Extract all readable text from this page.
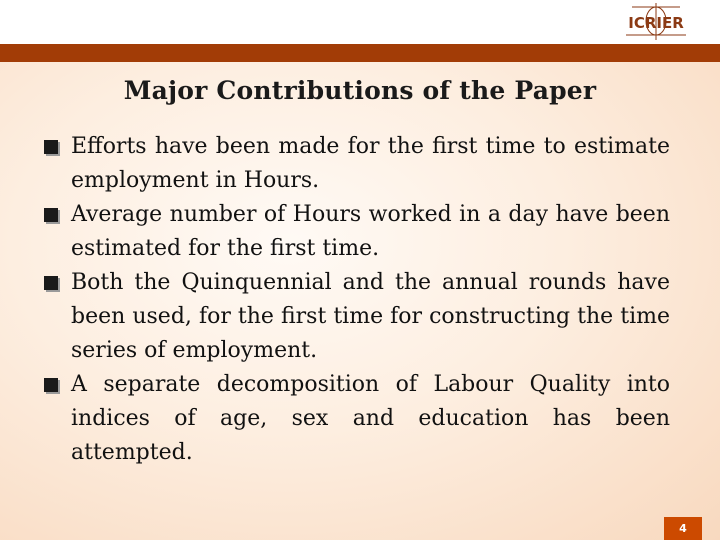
ICRIER
Major Contributions of the Paper

Efforts have been made for the first time to estimate employment in Hours.

Average number of Hours worked in a day have been estimated for the first time.

Both the Quinquennial and the annual rounds have been used, for the first time for constructing the time series of employment.

A separate decomposition of Labour Quality into indices of age, sex and education has been attempted.

4
